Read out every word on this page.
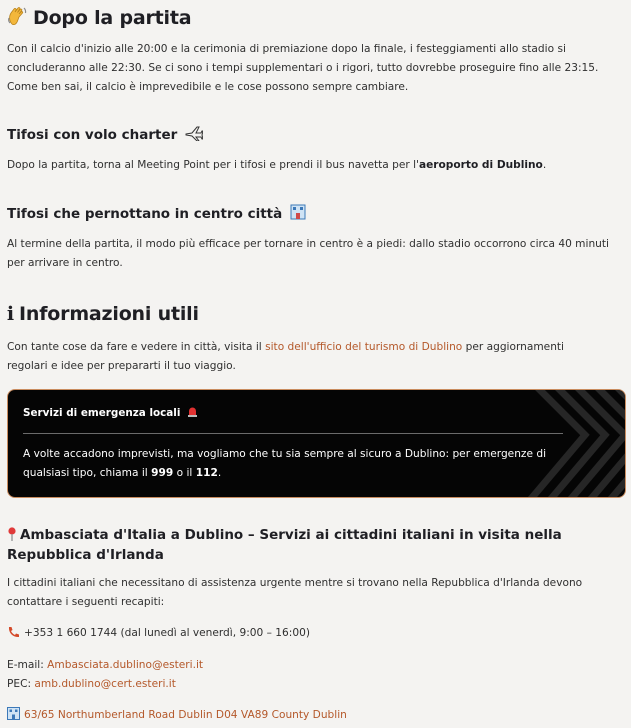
Dopo la partita

Con il calcio d'inizio alle 20:00 e la cerimonia di premiazione dopo la finale, i festeggiamenti allo stadio si concluderanno alle 22:30. Se ci sono i tempi supplementari o i rigori, tutto dovrebbe proseguire fino alle 23:15. Come ben sai, il calcio è imprevedibile e le cose possono sempre cambiare.

Tifosi con volo charter

Dopo la partita, torna al Meeting Point per i tifosi e prendi il bus navetta per l'aeroporto di Dublino.

Tifosi che pernottano in centro città

Al termine della partita, il modo più efficace per tornare in centro è a piedi: dallo stadio occorrono circa 40 minuti per arrivare in centro.

ℹ Informazioni utili

Con tante cose da fare e vedere in città, visita il sito dell'ufficio del turismo di Dublino per aggiornamenti regolari e idee per prepararti il tuo viaggio.

Servizi di emergenza locali
A volte accadono imprevisti, ma vogliamo che tu sia sempre al sicuro a Dublino: per emergenze di qualsiasi tipo, chiama il 999 o il 112.
Ambasciata d'Italia a Dublino – Servizi ai cittadini italiani in visita nella Repubblica d'Irlanda

I cittadini italiani che necessitano di assistenza urgente mentre si trovano nella Repubblica d'Irlanda devono contattare i seguenti recapiti:

+353 1 660 1744 (dal lunedì al venerdì, 9:00 – 16:00)

E-mail: Ambasciata.dublino@esteri.it

PEC: amb.dublino@cert.esteri.it

63/65 Northumberland Road Dublin D04 VA89 County Dublin
